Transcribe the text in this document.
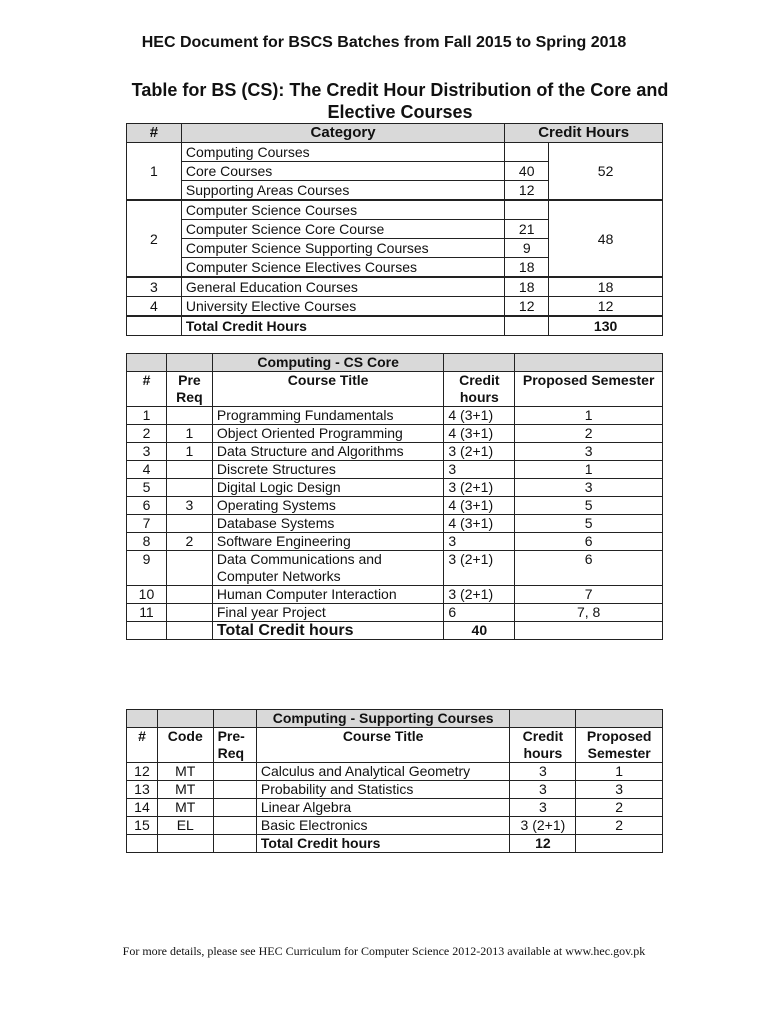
HEC Document for BSCS Batches from Fall 2015 to Spring 2018
Table for BS (CS): The Credit Hour Distribution of the Core and Elective Courses
#	Category	Credit Hours	
1	Computing Courses		52
	Core Courses	40	
	Supporting Areas Courses	12	
2	Computer Science Courses		48
	Computer Science Core Course	21	
	Computer Science Supporting Courses	9	
	Computer Science Electives Courses	18	
3	General Education Courses	18	18
4	University Elective Courses	12	12
	Total Credit Hours		130
		Computing - CS Core		
#	Pre Req	Course Title	Credit hours	Proposed Semester
1		Programming Fundamentals	4 (3+1)	1
2	1	Object Oriented Programming	4 (3+1)	2
3	1	Data Structure and Algorithms	3 (2+1)	3
4		Discrete Structures	3	1
5		Digital Logic Design	3 (2+1)	3
6	3	Operating Systems	4 (3+1)	5
7		Database Systems	4 (3+1)	5
8	2	Software Engineering	3	6
9		Data Communications and Computer Networks	3 (2+1)	6
10		Human Computer Interaction	3 (2+1)	7
11		Final year Project	6	7, 8
		Total Credit hours	40	
			Computing - Supporting Courses		
#	Code	Pre-Req	Course Title	Credit hours	Proposed Semester
12	MT		Calculus and Analytical Geometry	3	1
13	MT		Probability and Statistics	3	3
14	MT		Linear Algebra	3	2
15	EL		Basic Electronics	3 (2+1)	2
			Total Credit hours	12	
For more details, please see HEC Curriculum for Computer Science 2012-2013 available at www.hec.gov.pk
